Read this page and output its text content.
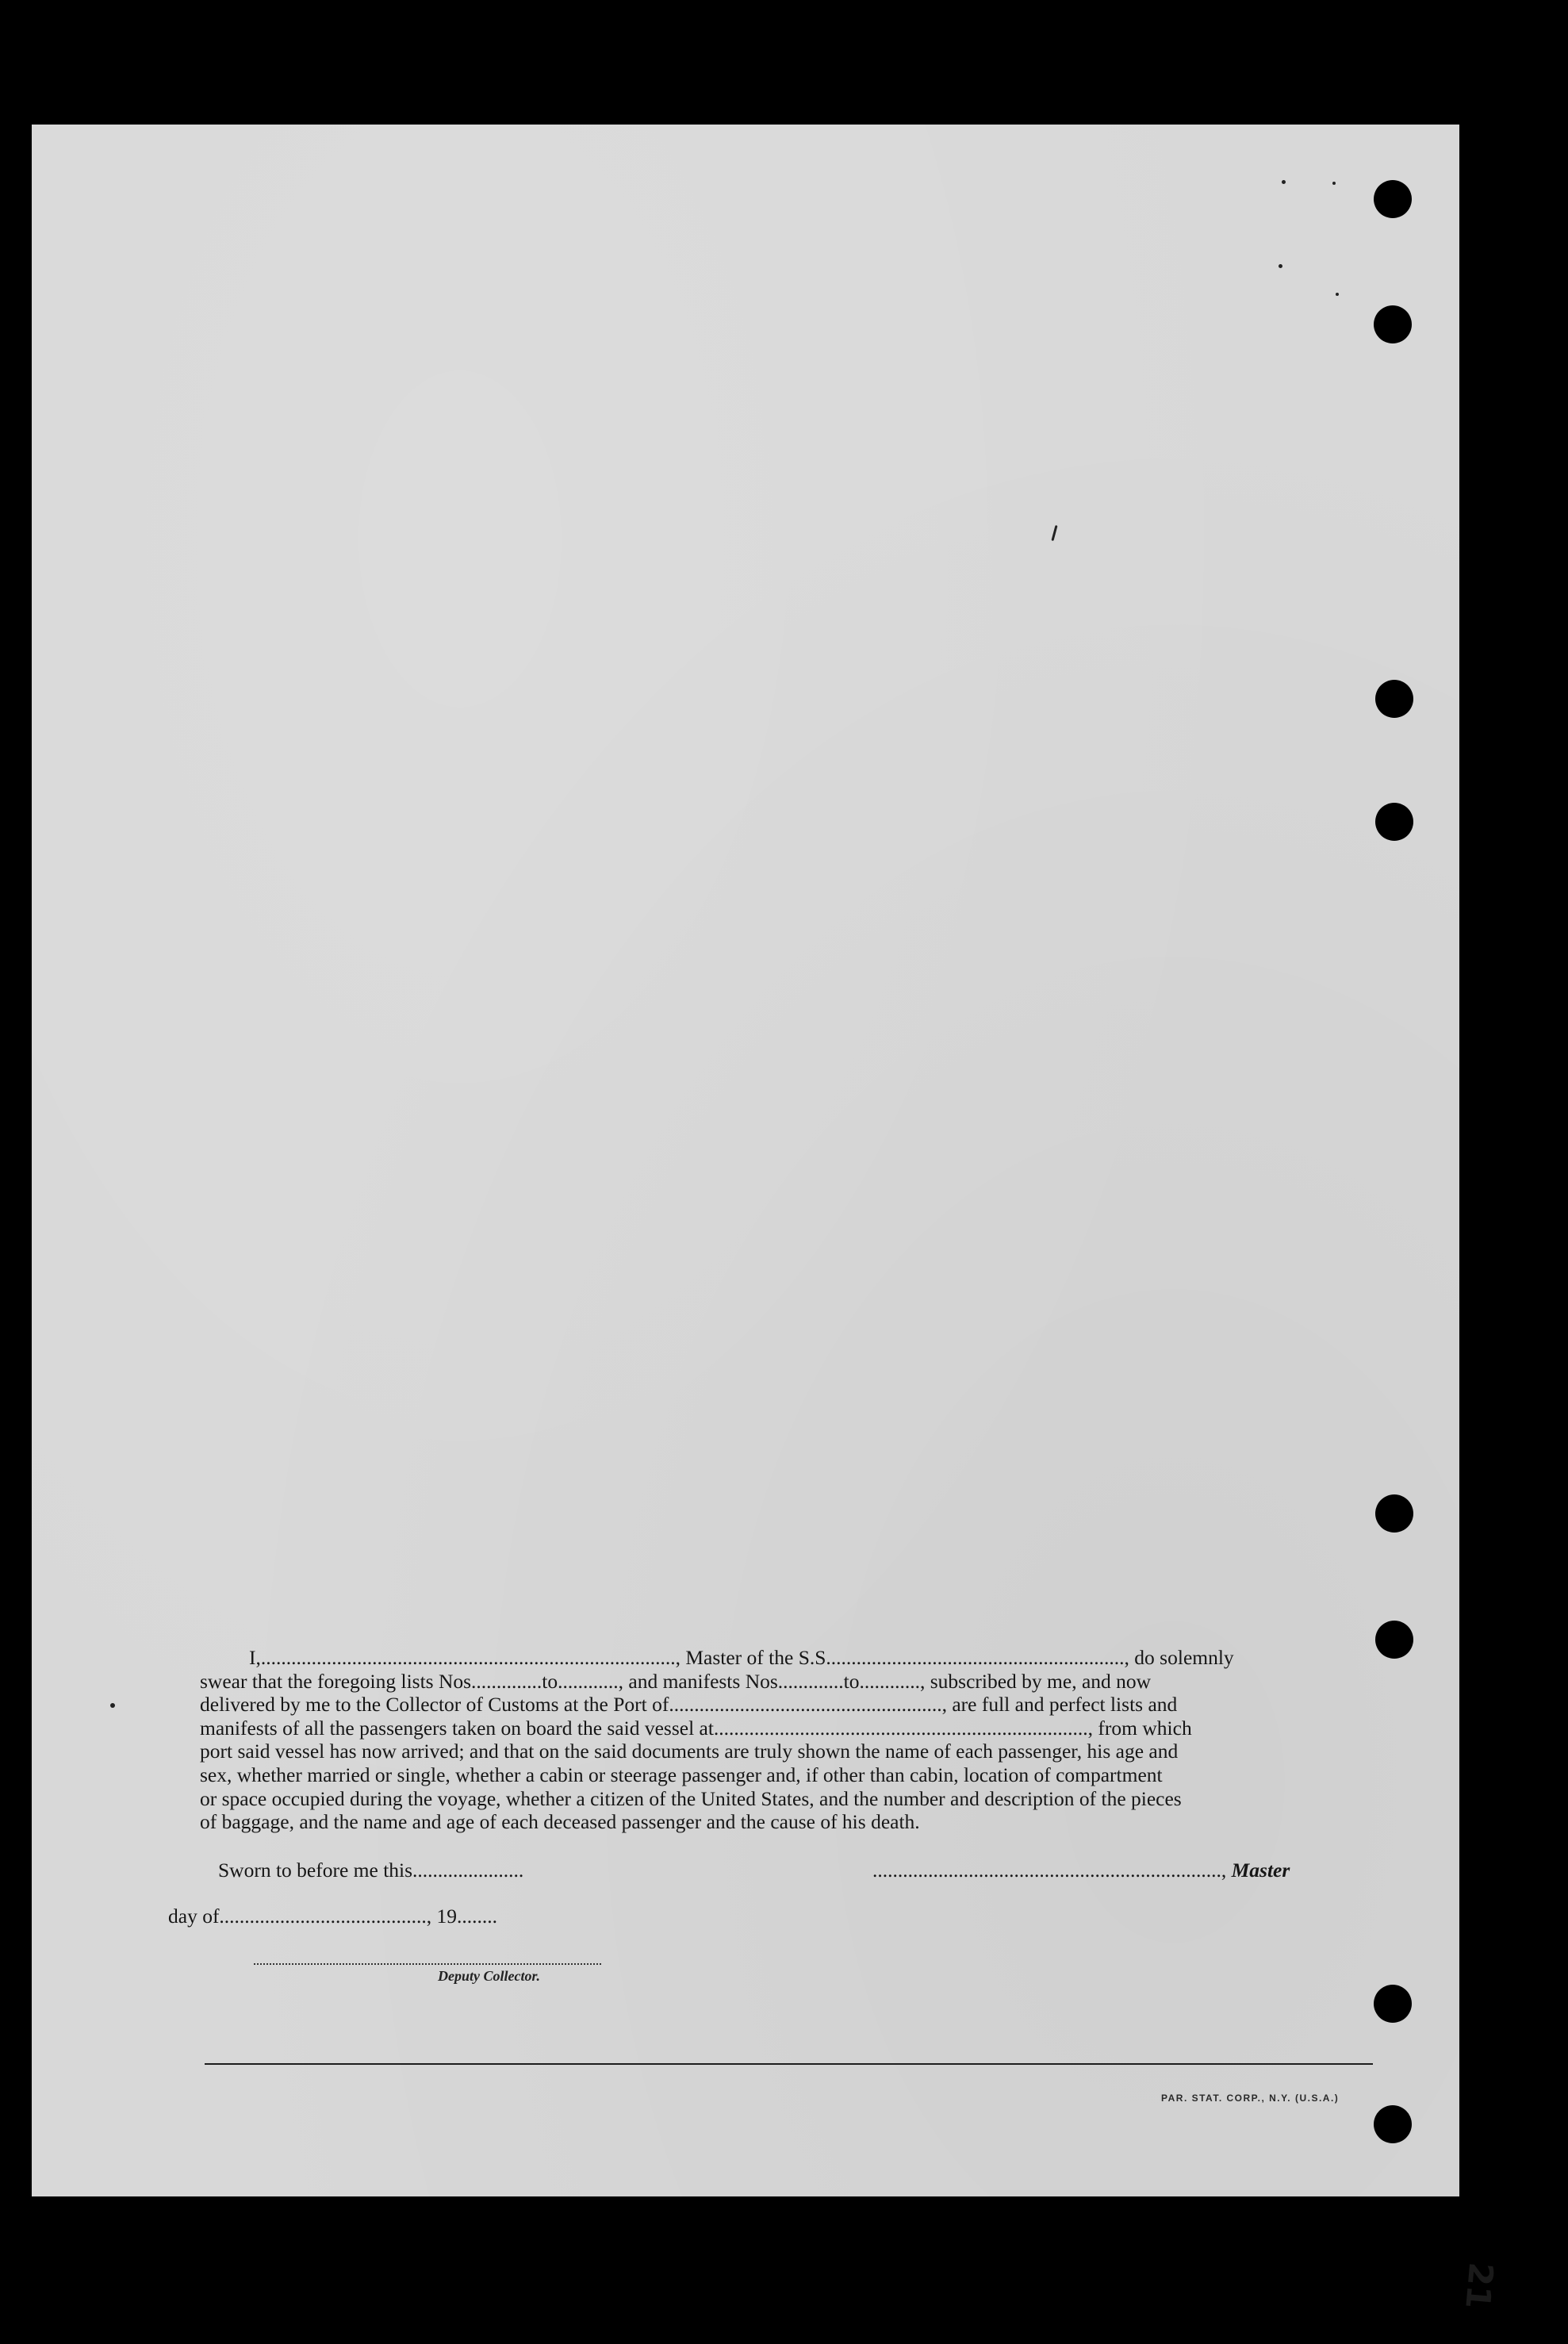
I,.................................................................................., Master of the S.S..........................................................., do solemnly

swear that the foregoing lists Nos..............to............, and manifests Nos.............to............, subscribed by me, and now

delivered by me to the Collector of Customs at the Port of......................................................, are full and perfect lists and

manifests of all the passengers taken on board the said vessel at.........................................................................., from which

port said vessel has now arrived; and that on the said documents are truly shown the name of each passenger, his age and

sex, whether married or single, whether a cabin or steerage passenger and, if other than cabin, location of compartment

or space occupied during the voyage, whether a citizen of the United States, and the number and description of the pieces

of baggage, and the name and age of each deceased passenger and the cause of his death.

Sworn to before me this......................	....................................................................., Master
day of........................................., 19........
Deputy Collector.
PAR. STAT. CORP., N.Y. (U.S.A.)
21
